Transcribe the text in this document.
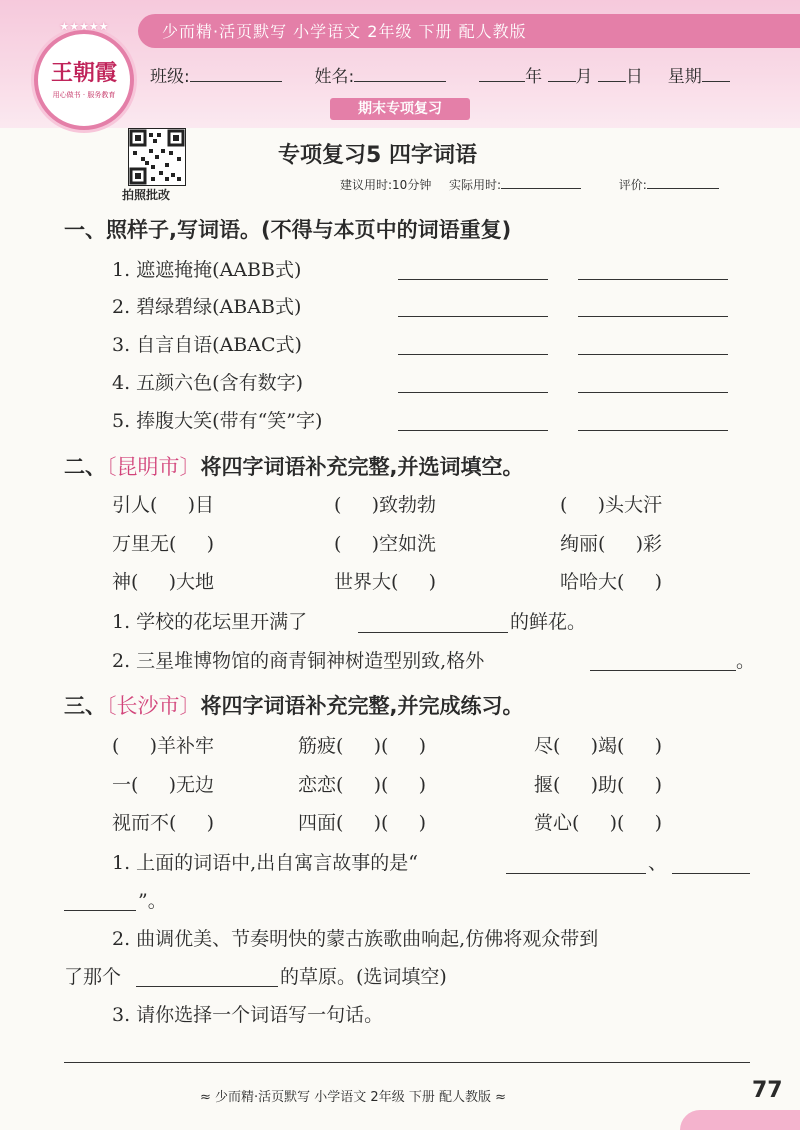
少而精·活页默写 小学语文 2年级 下册 配人教版
★★★★★
王朝霞
用心做书 · 服务教育
班级:	姓名:	年 月 日 星期
期末专项复习
拍照批改
专项复习5 四字词语
建议用时:10分钟 实际用时:	评价:
一、照样子,写词语。(不得与本页中的词语重复)
1. 遮遮掩掩(AABB式)
2. 碧绿碧绿(ABAB式)
3. 自言自语(ABAC式)
4. 五颜六色(含有数字)
5. 捧腹大笑(带有“笑”字)
二、〔昆明市〕将四字词语补充完整,并选词填空。
引人(     )目	(     )致勃勃	(     )头大汗
万里无(     )	(     )空如洗	绚丽(     )彩
神(     )大地	世界大(     )	哈哈大(     )
1. 学校的花坛里开满了	的鲜花。
2. 三星堆博物馆的商青铜神树造型别致,格外	。
三、〔长沙市〕将四字词语补充完整,并完成练习。
(     )羊补牢	筋疲(     )(     )	尽(     )竭(     )
一(     )无边	恋恋(     )(     )	揠(     )助(     )
视而不(     )	四面(     )(     )	赏心(     )(     )
1. 上面的词语中,出自寓言故事的是“	、
”。
2. 曲调优美、节奏明快的蒙古族歌曲响起,仿佛将观众带到
了那个	的草原。(选词填空)
3. 请你选择一个词语写一句话。
≈ 少而精·活页默写 小学语文 2年级 下册 配人教版 ≈	77
